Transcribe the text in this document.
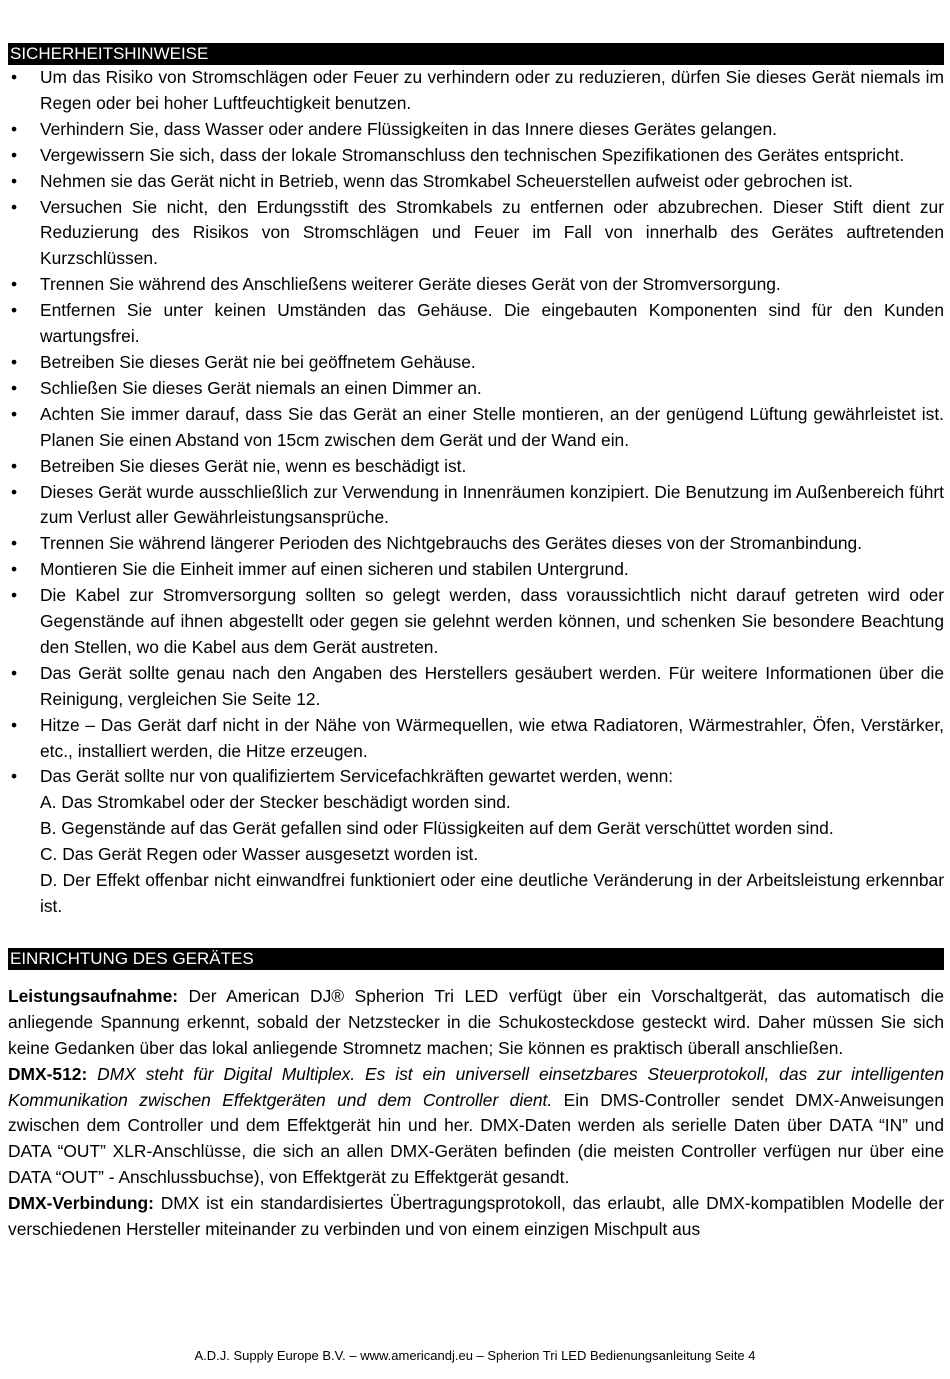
SICHERHEITSHINWEISE
• Um das Risiko von Stromschlägen oder Feuer zu verhindern oder zu reduzieren, dürfen Sie dieses Gerät niemals im Regen oder bei hoher Luftfeuchtigkeit benutzen.
• Verhindern Sie, dass Wasser oder andere Flüssigkeiten in das Innere dieses Gerätes gelangen.
• Vergewissern Sie sich, dass der lokale Stromanschluss den technischen Spezifikationen des Gerätes entspricht.
• Nehmen sie das Gerät nicht in Betrieb, wenn das Stromkabel Scheuerstellen aufweist oder gebrochen ist.
• Versuchen Sie nicht, den Erdungsstift des Stromkabels zu entfernen oder abzubrechen. Dieser Stift dient zur Reduzierung des Risikos von Stromschlägen und Feuer im Fall von innerhalb des Gerätes auftretenden Kurzschlüssen.
• Trennen Sie während des Anschließens weiterer Geräte dieses Gerät von der Stromversorgung.
• Entfernen Sie unter keinen Umständen das Gehäuse. Die eingebauten Komponenten sind für den Kunden wartungsfrei.
• Betreiben Sie dieses Gerät nie bei geöffnetem Gehäuse.
• Schließen Sie dieses Gerät niemals an einen Dimmer an.
• Achten Sie immer darauf, dass Sie das Gerät an einer Stelle montieren, an der genügend Lüftung gewährleistet ist. Planen Sie einen Abstand von 15cm zwischen dem Gerät und der Wand ein.
• Betreiben Sie dieses Gerät nie, wenn es beschädigt ist.
• Dieses Gerät wurde ausschließlich zur Verwendung in Innenräumen konzipiert. Die Benutzung im Außenbereich führt zum Verlust aller Gewährleistungsansprüche.
• Trennen Sie während längerer Perioden des Nichtgebrauchs des Gerätes dieses von der Stromanbindung.
• Montieren Sie die Einheit immer auf einen sicheren und stabilen Untergrund.
• Die Kabel zur Stromversorgung sollten so gelegt werden, dass voraussichtlich nicht darauf getreten wird oder Gegenstände auf ihnen abgestellt oder gegen sie gelehnt werden können, und schenken Sie besondere Beachtung den Stellen, wo die Kabel aus dem Gerät austreten.
• Das Gerät sollte genau nach den Angaben des Herstellers gesäubert werden. Für weitere Informationen über die Reinigung, vergleichen Sie Seite 12.
• Hitze – Das Gerät darf nicht in der Nähe von Wärmequellen, wie etwa Radiatoren, Wärmestrahler, Öfen, Verstärker, etc., installiert werden, die Hitze erzeugen.
• Das Gerät sollte nur von qualifiziertem Servicefachkräften gewartet werden, wenn:
A. Das Stromkabel oder der Stecker beschädigt worden sind.
B. Gegenstände auf das Gerät gefallen sind oder Flüssigkeiten auf dem Gerät verschüttet worden sind.
C. Das Gerät Regen oder Wasser ausgesetzt worden ist.
D. Der Effekt offenbar nicht einwandfrei funktioniert oder eine deutliche Veränderung in der Arbeitsleistung erkennbar ist.
EINRICHTUNG DES GERÄTES

Leistungsaufnahme: Der American DJ® Spherion Tri LED verfügt über ein Vorschaltgerät, das automatisch die anliegende Spannung erkennt, sobald der Netzstecker in die Schukosteckdose gesteckt wird. Daher müssen Sie sich keine Gedanken über das lokal anliegende Stromnetz machen; Sie können es praktisch überall anschließen.

DMX-512: DMX steht für Digital Multiplex. Es ist ein universell einsetzbares Steuerprotokoll, das zur intelligenten Kommunikation zwischen Effektgeräten und dem Controller dient. Ein DMS-Controller sendet DMX-Anweisungen zwischen dem Controller und dem Effektgerät hin und her. DMX-Daten werden als serielle Daten über DATA “IN” und DATA “OUT” XLR-Anschlüsse, die sich an allen DMX-Geräten befinden (die meisten Controller verfügen nur über eine DATA “OUT” - Anschlussbuchse), von Effektgerät zu Effektgerät gesandt.

DMX-Verbindung: DMX ist ein standardisiertes Übertragungsprotokoll, das erlaubt, alle DMX-kompatiblen Modelle der verschiedenen Hersteller miteinander zu verbinden und von einem einzigen Mischpult aus

A.D.J. Supply Europe B.V. – www.americandj.eu – Spherion Tri LED Bedienungsanleitung Seite 4
